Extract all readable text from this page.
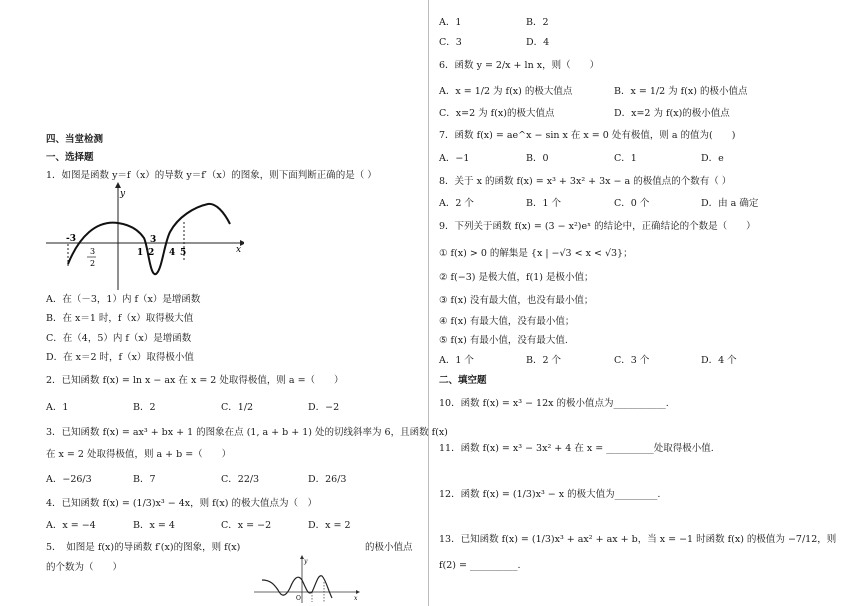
A．1	B．2
C．3	D．4
6．函数 y = 2/x + ln x，则（　　）
A．x = 1/2 为 f(x) 的极大值点	B．x = 1/2 为 f(x) 的极小值点
C．x=2 为 f(x)的极大值点	D．x=2 为 f(x)的极小值点
7．函数 f(x) = ae^x − sin x 在 x = 0 处有极值，则 a 的值为(　　)
A．−1	B．0	C．1	D．e
8．关于 x 的函数 f(x) = x³ + 3x² + 3x − a 的极值点的个数有（ ）
A．2 个	B．1 个	C．0 个	D．由 a 确定
9．下列关于函数 f(x) = (3 − x²)eˣ 的结论中，正确结论的个数是（　　）
① f(x) > 0 的解集是 {x | −√3 < x < √3}；
② f(−3) 是极大值，f(1) 是极小值；
③ f(x) 没有最大值，也没有最小值；
④ f(x) 有最大值，没有最小值；
⑤ f(x) 有最小值，没有最大值.
A．1 个	B．2 个	C．3 个	D．4 个
二、填空题
10．函数 f(x) = x³ − 12x 的极小值点为___________.
11．函数 f(x) = x³ − 3x² + 4 在 x = __________处取得极小值.
12．函数 f(x) = (1/3)x³ − x 的极大值为_________.
13．已知函数 f(x) = (1/3)x³ + ax² + ax + b，当 x = −1 时函数 f(x) 的极值为 −7/12，则
f(2) = __________.
四、当堂检测
一、选择题
1．如图是函数 y＝f（x）的导数 y＝f′（x）的图象，则下面判断正确的是（ ）
-3
y
x
1 2
3
4 5
3
2
A．在（－3，1）内 f（x）是增函数
B．在 x＝1 时，f（x）取得极大值
C．在（4，5）内 f（x）是增函数
D．在 x＝2 时，f（x）取得极小值
2．已知函数 f(x) = ln x − ax 在 x = 2 处取得极值，则 a =（　　）
A．1	B．2	C．1/2	D．−2
3．已知函数 f(x) = ax³ + bx + 1 的图象在点 (1, a + b + 1) 处的切线斜率为 6，且函数 f(x)
在 x = 2 处取得极值，则 a + b =（　　）
A．−26/3	B．7	C．22/3	D．26/3
4．已知函数 f(x) = (1/3)x³ − 4x，则 f(x) 的极大值点为（　）
A．x = −4	B．x = 4	C．x = −2	D．x = 2
5．　如图是 f(x)的导函数 f′(x)的图象，则 f(x)	的极小值点
的个数为（　　）
y
x
O
